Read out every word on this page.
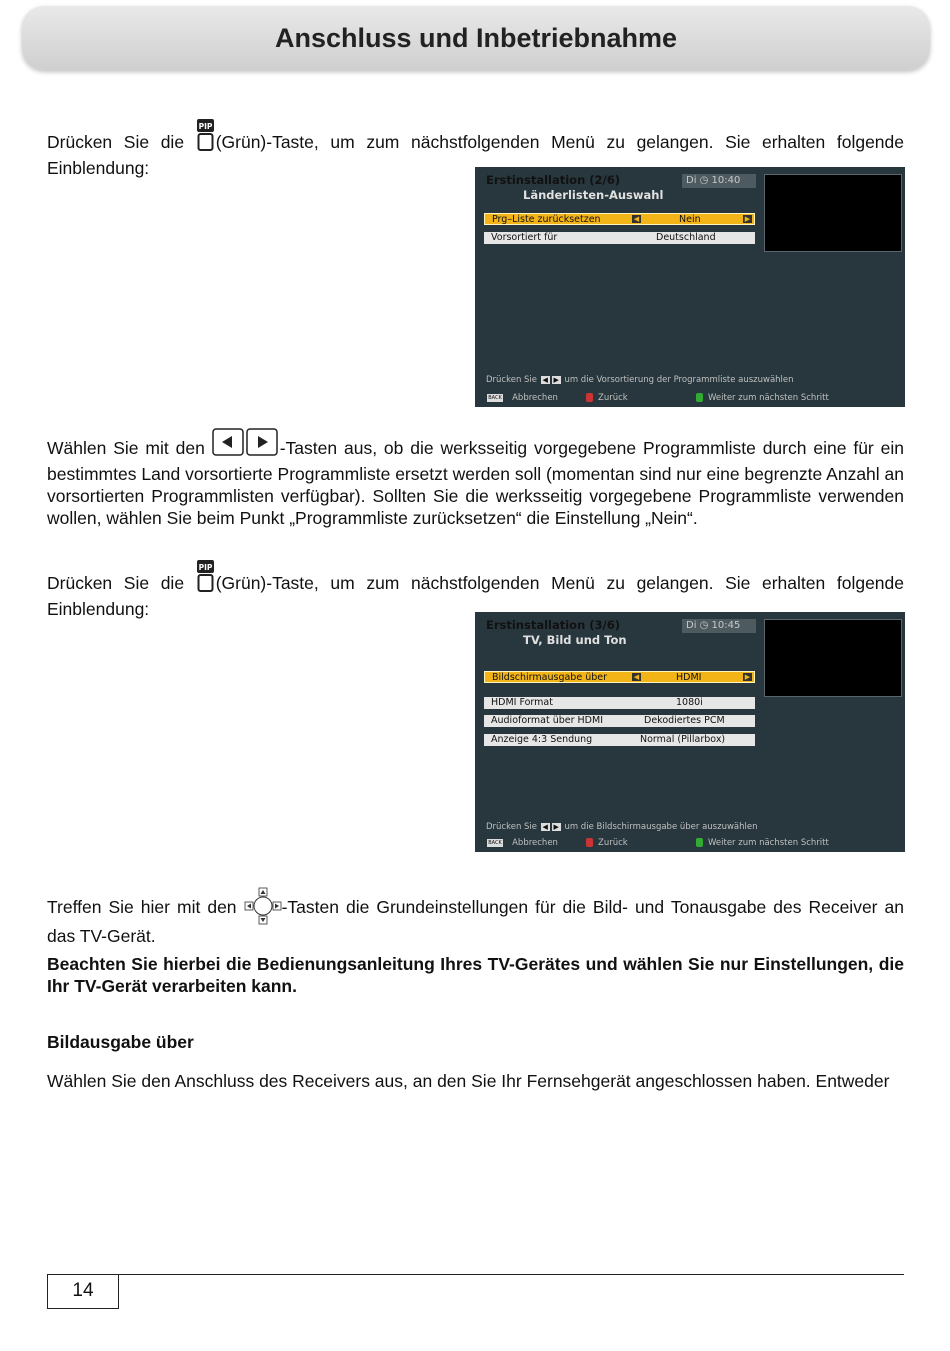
Anschluss und Inbetriebnahme

Drücken Sie die
PIP
(Grün)-Taste, um zum nächstfolgenden Menü zu gelangen. Sie erhalten folgende Einblendung:

Erstinstallation (2/6)
Länderlisten-Auswahl
Di ◷ 10:40
Prg–Liste zurücksetzen	◀	Nein	▶
Vorsortiert für	Deutschland
Drücken Sie ◀ ▶ um die Vorsortierung der Programmliste auszuwählen
BACK Abbrechen	Zurück	Weiter zum nächsten Schritt

Wählen Sie mit den	-Tasten aus, ob die werksseitig vorgegebene Programmliste durch eine für ein bestimmtes Land vorsortierte Programmliste ersetzt werden soll (momentan sind nur eine begrenzte Anzahl an vorsortierten Programmlisten verfügbar). Sollten Sie die werksseitig vorgegebene Programmliste verwenden wollen, wählen Sie beim Punkt „Programmliste zurücksetzen“ die Einstellung „Nein“.

Drücken Sie die
PIP
(Grün)-Taste, um zum nächstfolgenden Menü zu gelangen. Sie erhalten folgende Einblendung:

Erstinstallation (3/6)
TV, Bild und Ton
Di ◷ 10:45
Bildschirmausgabe über	◀	HDMI	▶
HDMI Format	1080i
Audioformat über HDMI	Dekodiertes PCM
Anzeige 4:3 Sendung	Normal (Pillarbox)
Drücken Sie ◀ ▶ um die Bildschirmausgabe über auszuwählen
BACK Abbrechen	Zurück	Weiter zum nächsten Schritt

Treffen Sie hier mit den -Tasten die Grundeinstellungen für die Bild- und Tonausgabe des Receiver an das TV-Gerät.

Beachten Sie hierbei die Bedienungsanleitung Ihres TV-Gerätes und wählen Sie nur Einstellungen, die Ihr TV-Gerät verarbeiten kann.

Bildausgabe über

Wählen Sie den Anschluss des Receivers aus, an den Sie Ihr Fernsehgerät angeschlossen haben. Entweder

14
